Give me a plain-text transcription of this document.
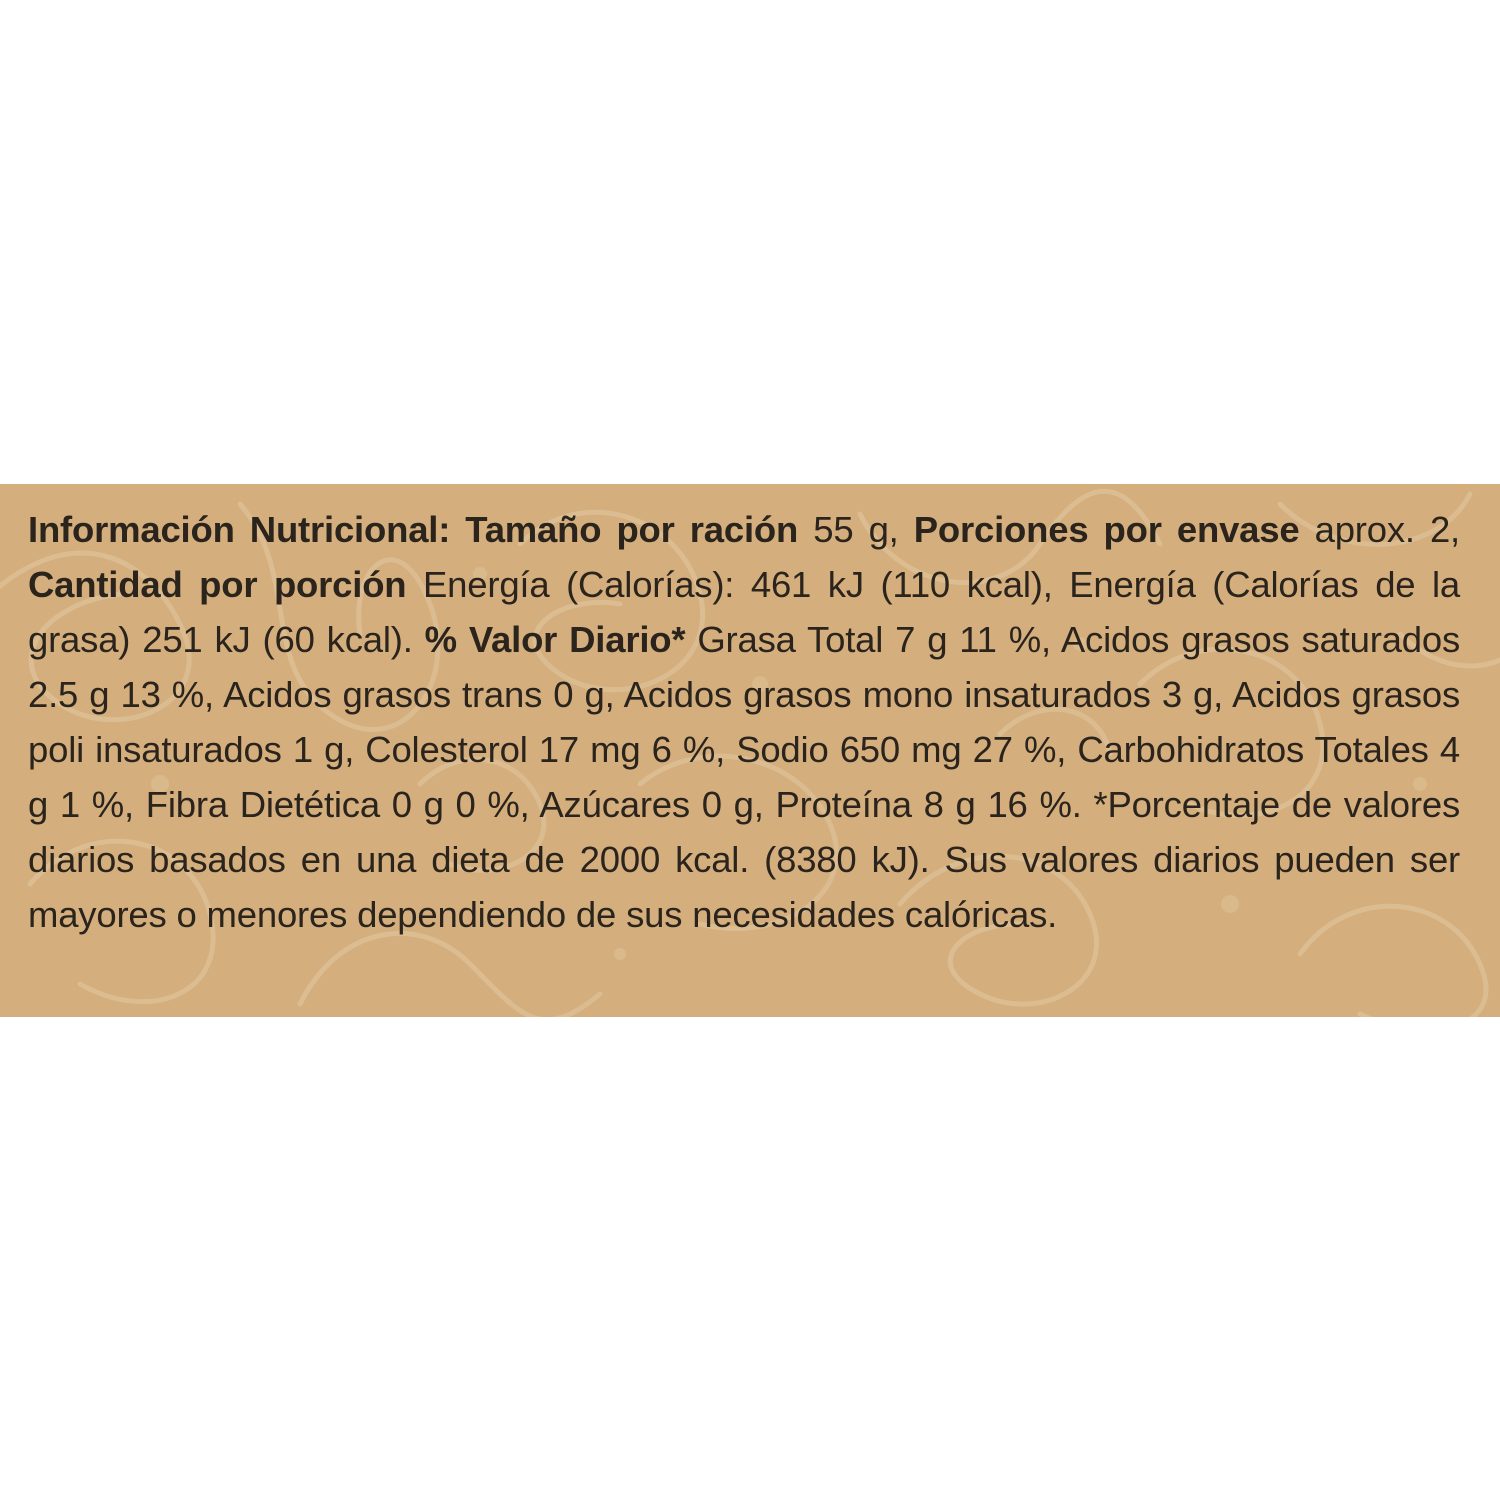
Información Nutricional: Tamaño por ración 55 g, Porciones por envase aprox. 2, Cantidad por porción Energía (Calorías): 461 kJ (110 kcal), Energía (Calorías de la grasa) 251 kJ (60 kcal). % Valor Diario* Grasa Total 7 g 11 %, Acidos grasos saturados 2.5 g 13 %, Acidos grasos trans 0 g, Acidos grasos mono insaturados 3 g, Acidos grasos poli insaturados 1 g, Colesterol 17 mg 6 %, Sodio 650 mg 27 %, Carbohidratos Totales 4 g 1 %, Fibra Dietética 0 g 0 %, Azúcares 0 g, Proteína 8 g 16 %. *Porcentaje de valores diarios basados en una dieta de 2000 kcal. (8380 kJ). Sus valores diarios pueden ser mayores o menores dependiendo de sus necesidades calóricas.
